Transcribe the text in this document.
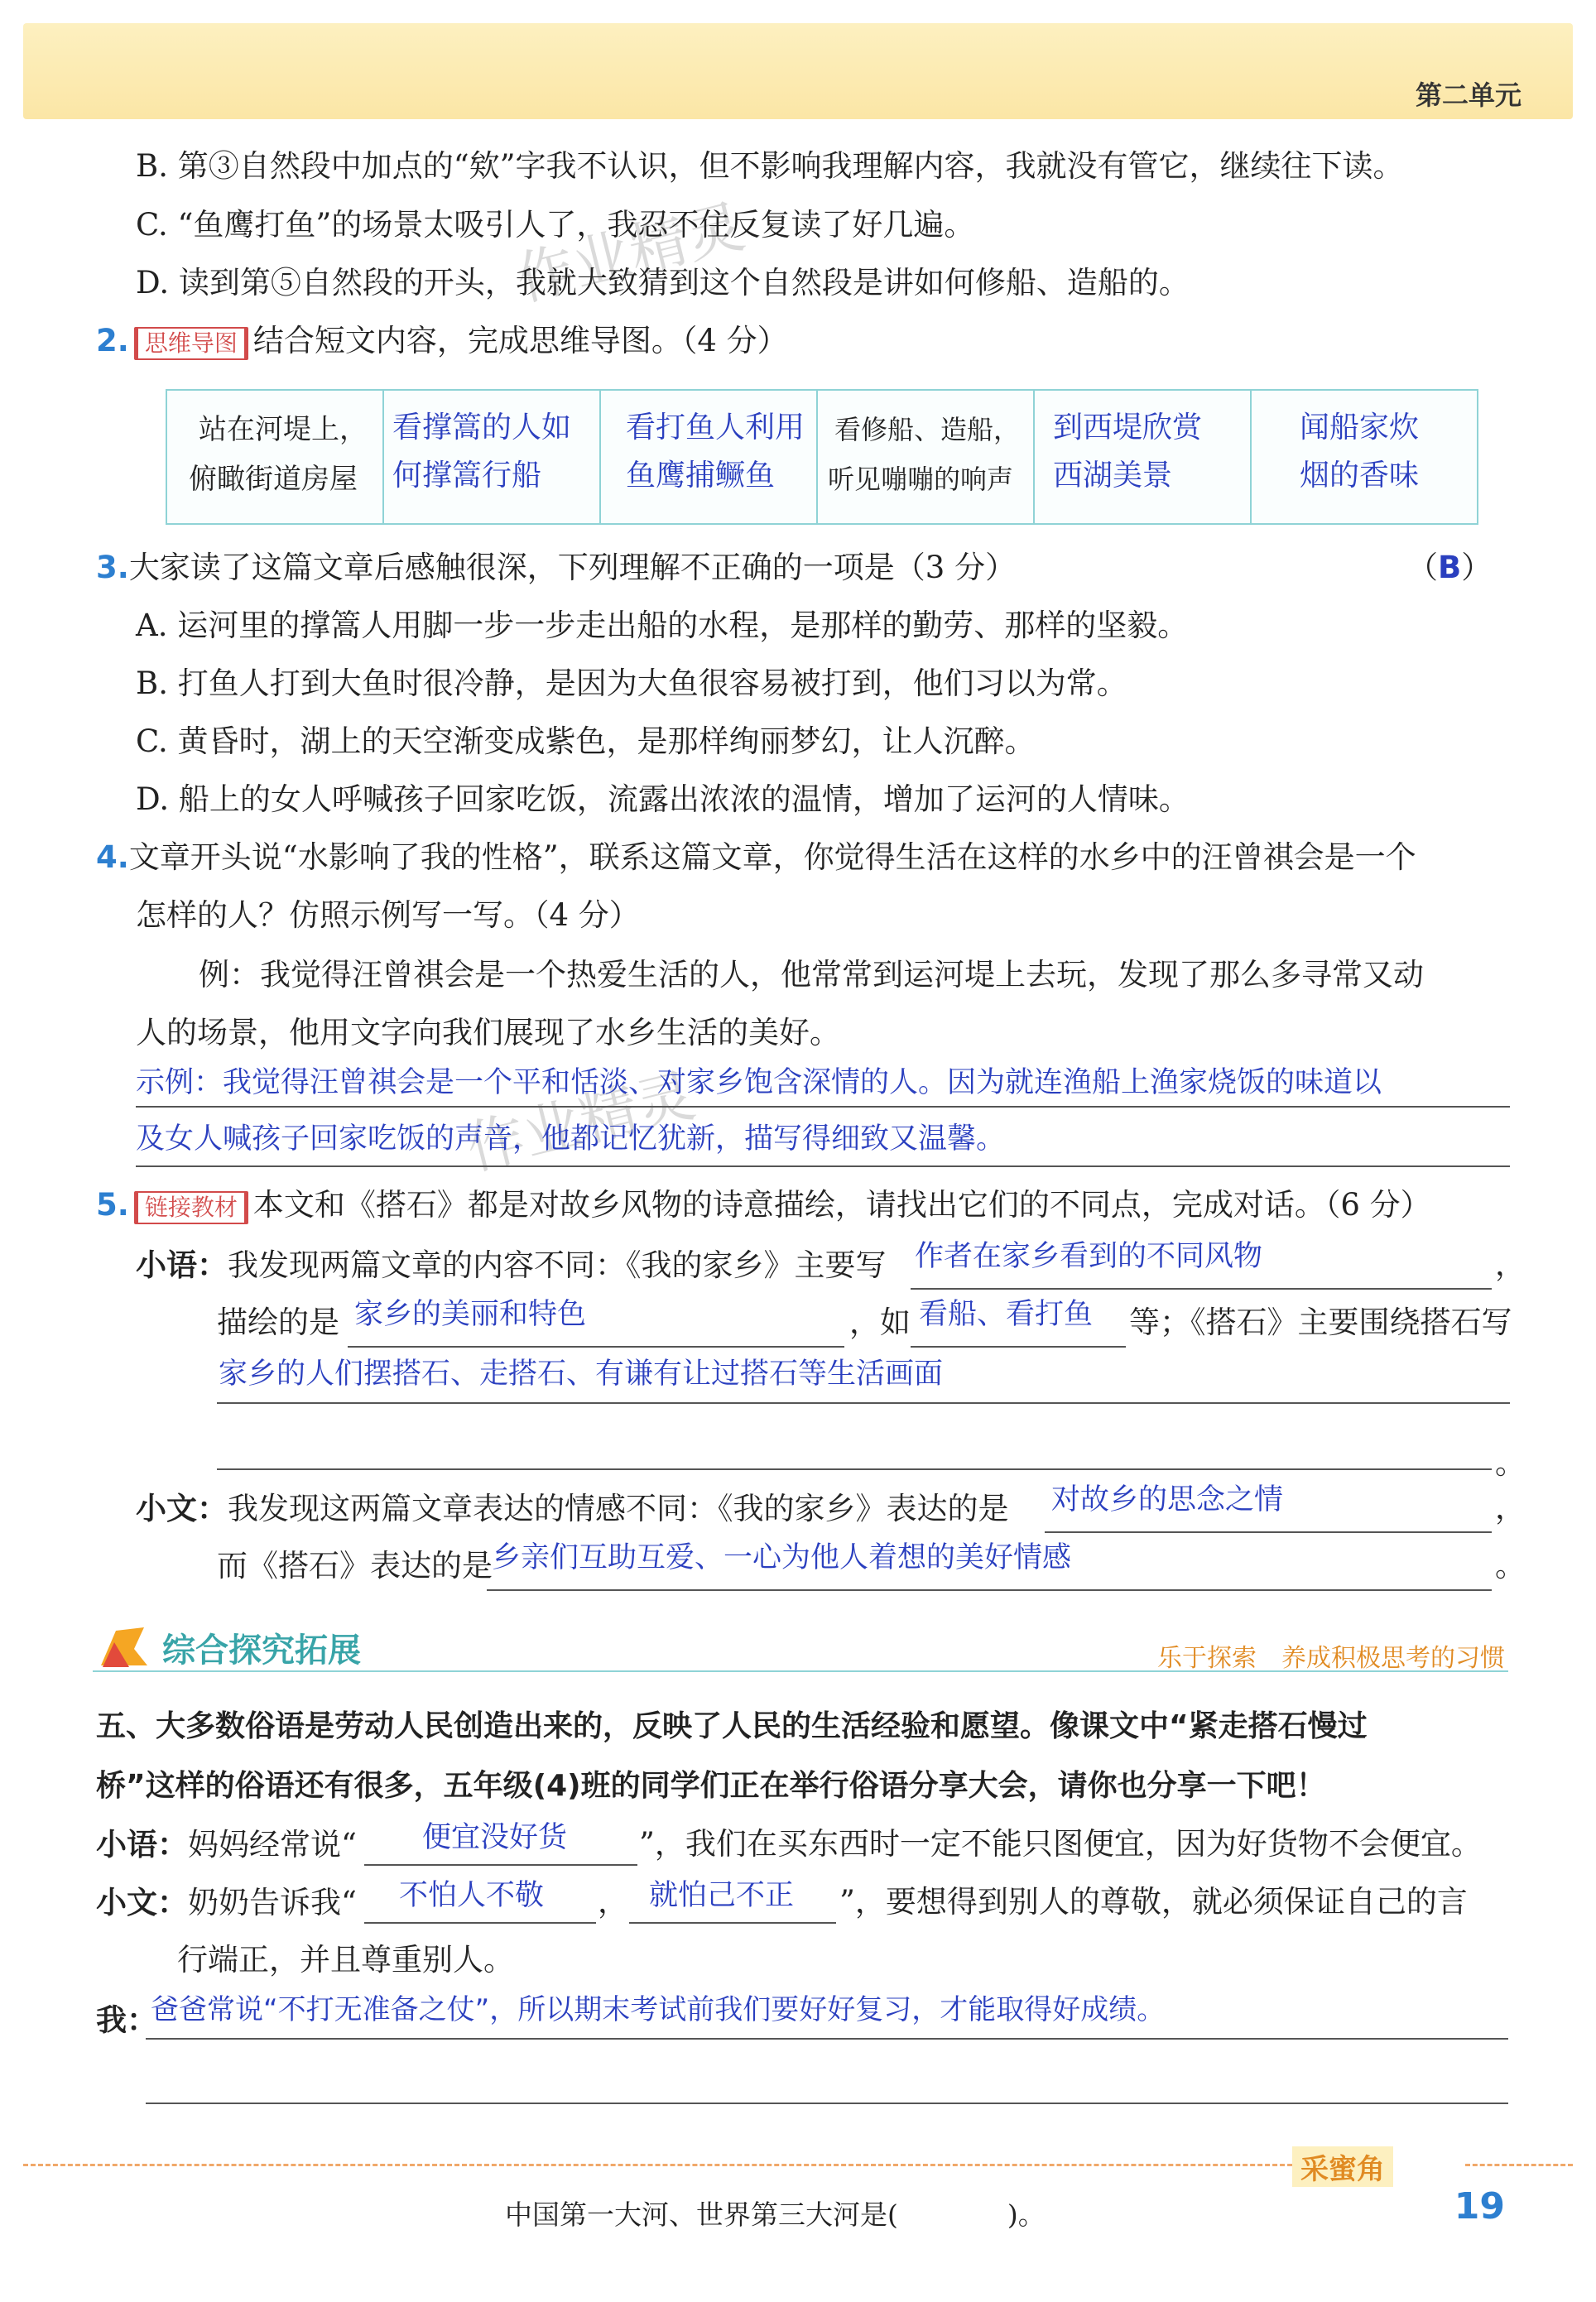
第二单元
作业精灵
作业精灵
B. 第③自然段中加点的“欸”字我不认识，但不影响我理解内容，我就没有管它，继续往下读。
C. “鱼鹰打鱼”的场景太吸引人了，我忍不住反复读了好几遍。
D. 读到第⑤自然段的开头，我就大致猜到这个自然段是讲如何修船、造船的。
2. 思维导图 结合短文内容，完成思维导图。（4 分）
站在河堤上，
俯瞰街道房屋
看撑篙的人如
何撑篙行船
看打鱼人利用
鱼鹰捕鳜鱼
看修船、造船，
听见嘣嘣的响声
到西堤欣赏
西湖美景
闻船家炊
烟的香味
3.大家读了这篇文章后感触很深，下列理解不正确的一项是（3 分）	（B）
A. 运河里的撑篙人用脚一步一步走出船的水程，是那样的勤劳、那样的坚毅。
B. 打鱼人打到大鱼时很冷静，是因为大鱼很容易被打到，他们习以为常。
C. 黄昏时，湖上的天空渐变成紫色，是那样绚丽梦幻，让人沉醉。
D. 船上的女人呼喊孩子回家吃饭，流露出浓浓的温情，增加了运河的人情味。
4.文章开头说“水影响了我的性格”，联系这篇文章，你觉得生活在这样的水乡中的汪曾祺会是一个
怎样的人？仿照示例写一写。（4 分）
例：我觉得汪曾祺会是一个热爱生活的人，他常常到运河堤上去玩，发现了那么多寻常又动
人的场景，他用文字向我们展现了水乡生活的美好。
示例：我觉得汪曾祺会是一个平和恬淡、对家乡饱含深情的人。因为就连渔船上渔家烧饭的味道以
及女人喊孩子回家吃饭的声音，他都记忆犹新，描写得细致又温馨。
5. 链接教材 本文和《搭石》都是对故乡风物的诗意描绘，请找出它们的不同点，完成对话。（6 分）
小语：我发现两篇文章的内容不同：《我的家乡》主要写 作者在家乡看到的不同风物	，
描绘的是 家乡的美丽和特色	，如 看船、看打鱼 等；《搭石》主要围绕搭石写
家乡的人们摆搭石、走搭石、有谦有让过搭石等生活画面
。
小文：我发现这两篇文章表达的情感不同：《我的家乡》表达的是 对故乡的思念之情	，
而《搭石》表达的是 乡亲们互助互爱、一心为他人着想的美好情感	。
综合探究拓展	乐于探索　养成积极思考的习惯
五、大多数俗语是劳动人民创造出来的，反映了人民的生活经验和愿望。像课文中“紧走搭石慢过
桥”这样的俗语还有很多，五年级(4)班的同学们正在举行俗语分享大会，请你也分享一下吧！
小语：妈妈经常说“ 便宜没好货 ”，我们在买东西时一定不能只图便宜，因为好货物不会便宜。
小文：奶奶告诉我“ 不怕人不敬 ， 就怕己不正 ”，要想得到别人的尊敬，就必须保证自己的言
行端正，并且尊重别人。
我：
爸爸常说“不打无准备之仗”，所以期末考试前我们要好好复习，才能取得好成绩。
采蜜角
中国第一大河、世界第三大河是(　　　　)。	19
